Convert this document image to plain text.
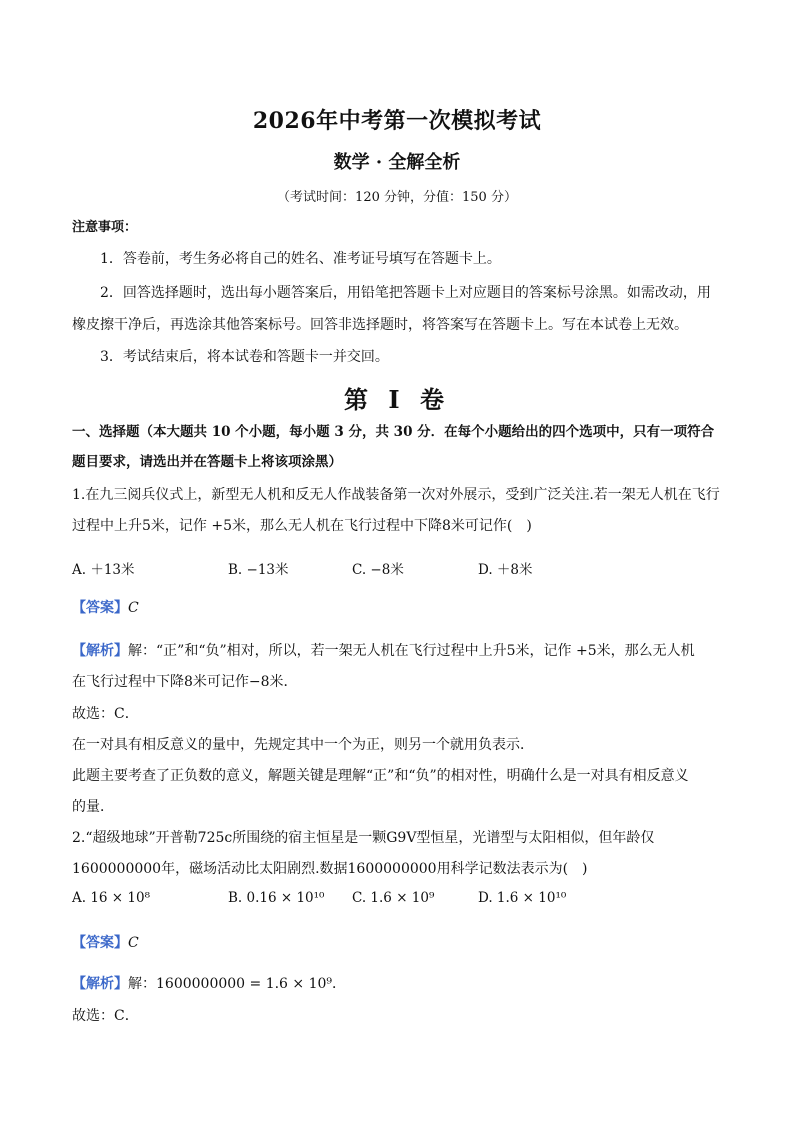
2026年中考第一次模拟考试
数学 · 全解全析
（考试时间：120 分钟，分值：150 分）
注意事项：
1．答卷前，考生务必将自己的姓名、准考证号填写在答题卡上。
2．回答选择题时，选出每小题答案后，用铅笔把答题卡上对应题目的答案标号涂黑。如需改动，用
橡皮擦干净后，再选涂其他答案标号。回答非选择题时，将答案写在答题卡上。写在本试卷上无效。
3．考试结束后，将本试卷和答题卡一并交回。
第 I 卷
一、选择题（本大题共 10 个小题，每小题 3 分，共 30 分．在每个小题给出的四个选项中，只有一项符合
题目要求，请选出并在答题卡上将该项涂黑）
1.在九三阅兵仪式上，新型无人机和反无人作战装备第一次对外展示，受到广泛关注.若一架无人机在飞行
过程中上升5米，记作 +5米，那么无人机在飞行过程中下降8米可记作(　)
A. ＋13米	B. −13米	C. −8米	D. ＋8米
【答案】C
【解析】解：“正”和“负”相对，所以，若一架无人机在飞行过程中上升5米，记作 +5米，那么无人机
在飞行过程中下降8米可记作−8米．
故选：C．
在一对具有相反意义的量中，先规定其中一个为正，则另一个就用负表示．
此题主要考查了正负数的意义，解题关键是理解“正”和“负”的相对性，明确什么是一对具有相反意义
的量．
2.“超级地球”开普勒725c所围绕的宿主恒星是一颗G9V型恒星，光谱型与太阳相似，但年龄仅
1600000000年，磁场活动比太阳剧烈.数据1600000000用科学记数法表示为(　)
A. 16 × 10⁸	B. 0.16 × 10¹⁰ C. 1.6 × 10⁹	D. 1.6 × 10¹⁰
【答案】C
【解析】解：1600000000 = 1.6 × 10⁹．
故选：C．
